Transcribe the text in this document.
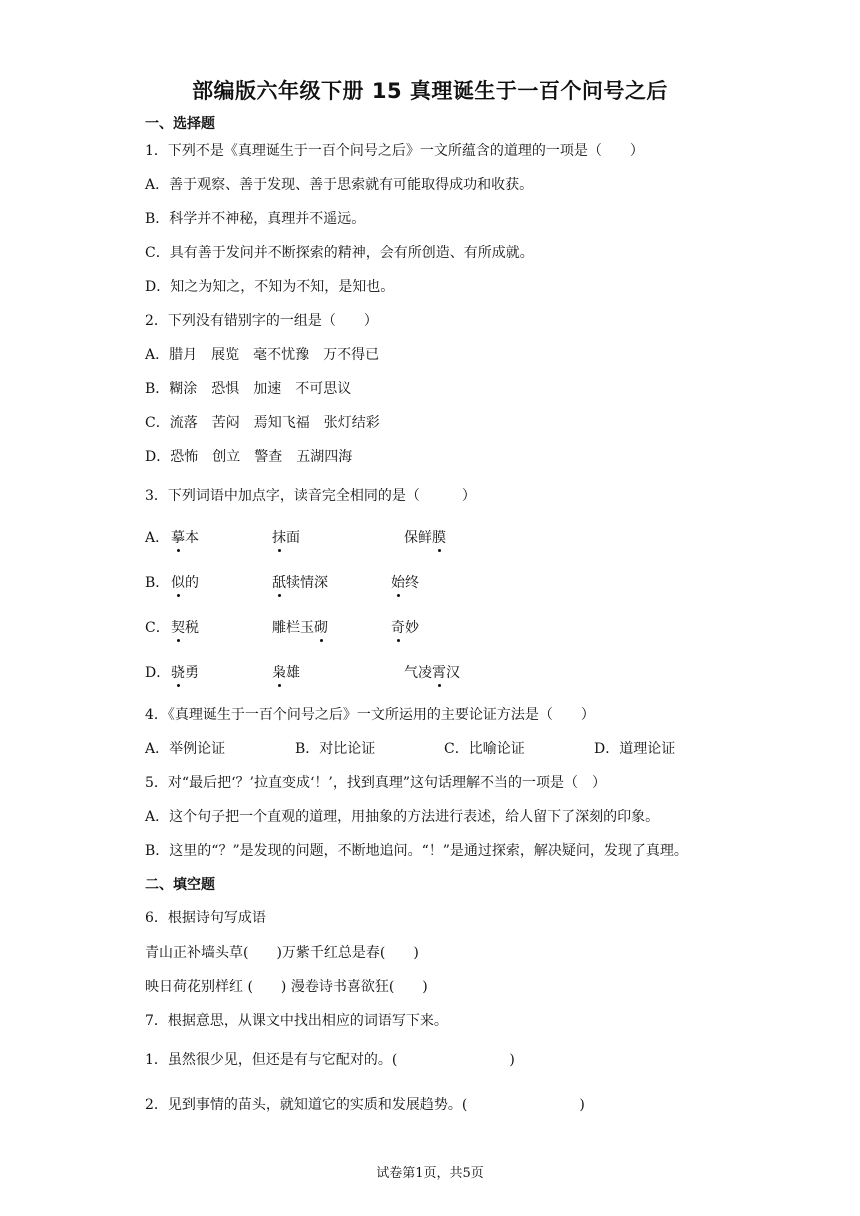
部编版六年级下册 15 真理诞生于一百个问号之后
一、选择题
1．下列不是《真理诞生于一百个问号之后》一文所蕴含的道理的一项是（　　）
A．善于观察、善于发现、善于思索就有可能取得成功和收获。
B．科学并不神秘，真理并不遥远。
C．具有善于发问并不断探索的精神，会有所创造、有所成就。
D．知之为知之，不知为不知，是知也。
2．下列没有错别字的一组是（　　）
A．腊月　展览　毫不忧豫　万不得已
B．糊涂　恐惧　加速　不可思议
C．流落　苦闷　焉知飞福　张灯结彩
D．恐怖　创立　警查　五湖四海
3．下列词语中加点字，读音完全相同的是（　　　）
A． 摹本	抹面	保鲜膜
B． 似的	舐犊情深	始终
C． 契税	雕栏玉砌	奇妙
D． 骁勇	枭雄	气凌霄汉
4．《真理诞生于一百个问号之后》一文所运用的主要论证方法是（　　）
A．举例论证	B．对比论证	C．比喻论证	D．道理论证
5．对“最后把‘？’拉直变成‘！’，找到真理”这句话理解不当的一项是（　）
A．这个句子把一个直观的道理，用抽象的方法进行表述，给人留下了深刻的印象。
B．这里的“？”是发现的问题，不断地追问。“！”是通过探索，解决疑问，发现了真理。
二、填空题
6．根据诗句写成语
青山正补墙头草(　　)万紫千红总是春(　　)
映日荷花别样红 (　　) 漫卷诗书喜欲狂(　　)
7．根据意思，从课文中找出相应的词语写下来。
1．虽然很少见，但还是有与它配对的。(　　　　　　　　)
2．见到事情的苗头，就知道它的实质和发展趋势。(　　　　　　　　)
试卷第1页，共5页
